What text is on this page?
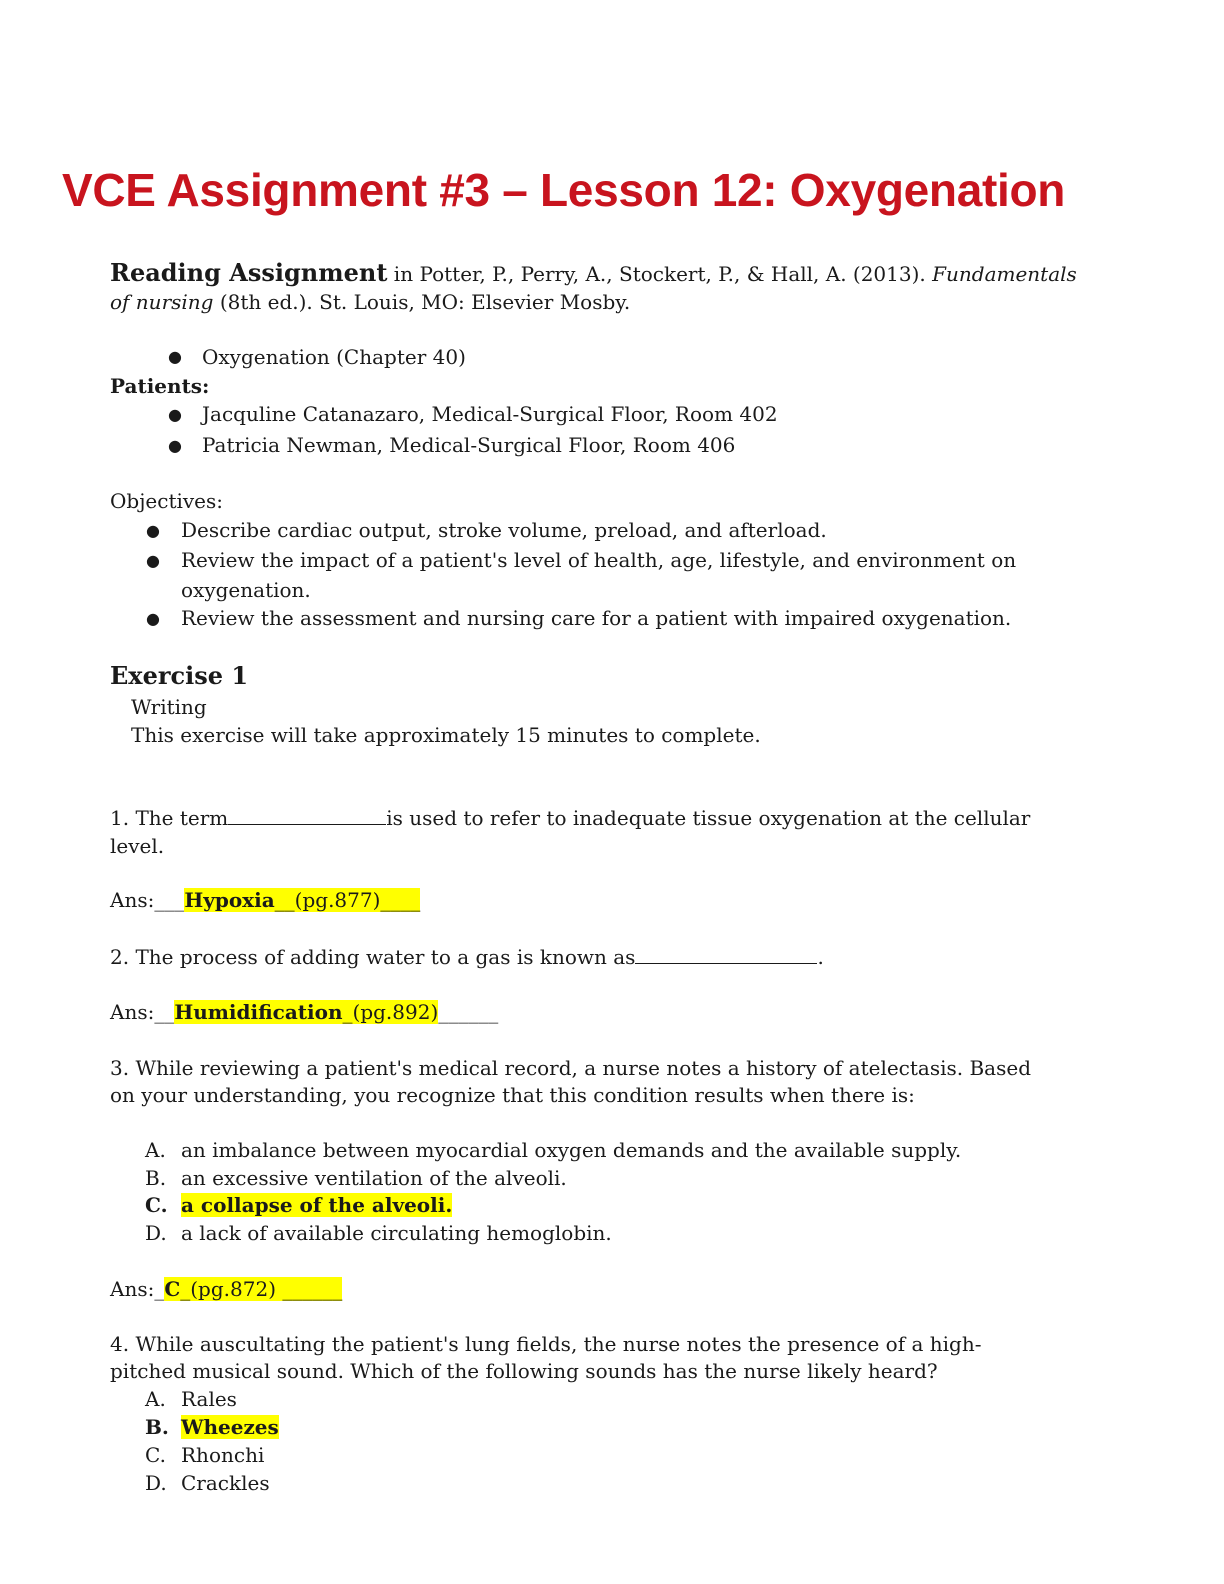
VCE Assignment #3 – Lesson 12: Oxygenation
Reading Assignment in Potter, P., Perry, A., Stockert, P., & Hall, A. (2013). Fundamentals
of nursing (8th ed.). St. Louis, MO: Elsevier Mosby.
● Oxygenation (Chapter 40)
Patients:
● Jacquline Catanazaro, Medical-Surgical Floor, Room 402
● Patricia Newman, Medical-Surgical Floor, Room 406
Objectives:
● Describe cardiac output, stroke volume, preload, and afterload.
● Review the impact of a patient's level of health, age, lifestyle, and environment on
oxygenation.
● Review the assessment and nursing care for a patient with impaired oxygenation.
Exercise 1
Writing
This exercise will take approximately 15 minutes to complete.
1. The term	is used to refer to inadequate tissue oxygenation at the cellular
level.
Ans:___Hypoxia__(pg.877)____
2. The process of adding water to a gas is known as	.
Ans:__Humidification_(pg.892)______
3. While reviewing a patient's medical record, a nurse notes a history of atelectasis. Based
on your understanding, you recognize that this condition results when there is:
A. an imbalance between myocardial oxygen demands and the available supply.
B. an excessive ventilation of the alveoli.
C. a collapse of the alveoli.
D. a lack of available circulating hemoglobin.
Ans:_C_(pg.872) ______
4. While auscultating the patient's lung fields, the nurse notes the presence of a high-
pitched musical sound. Which of the following sounds has the nurse likely heard?
A. Rales
B. Wheezes
C. Rhonchi
D. Crackles
